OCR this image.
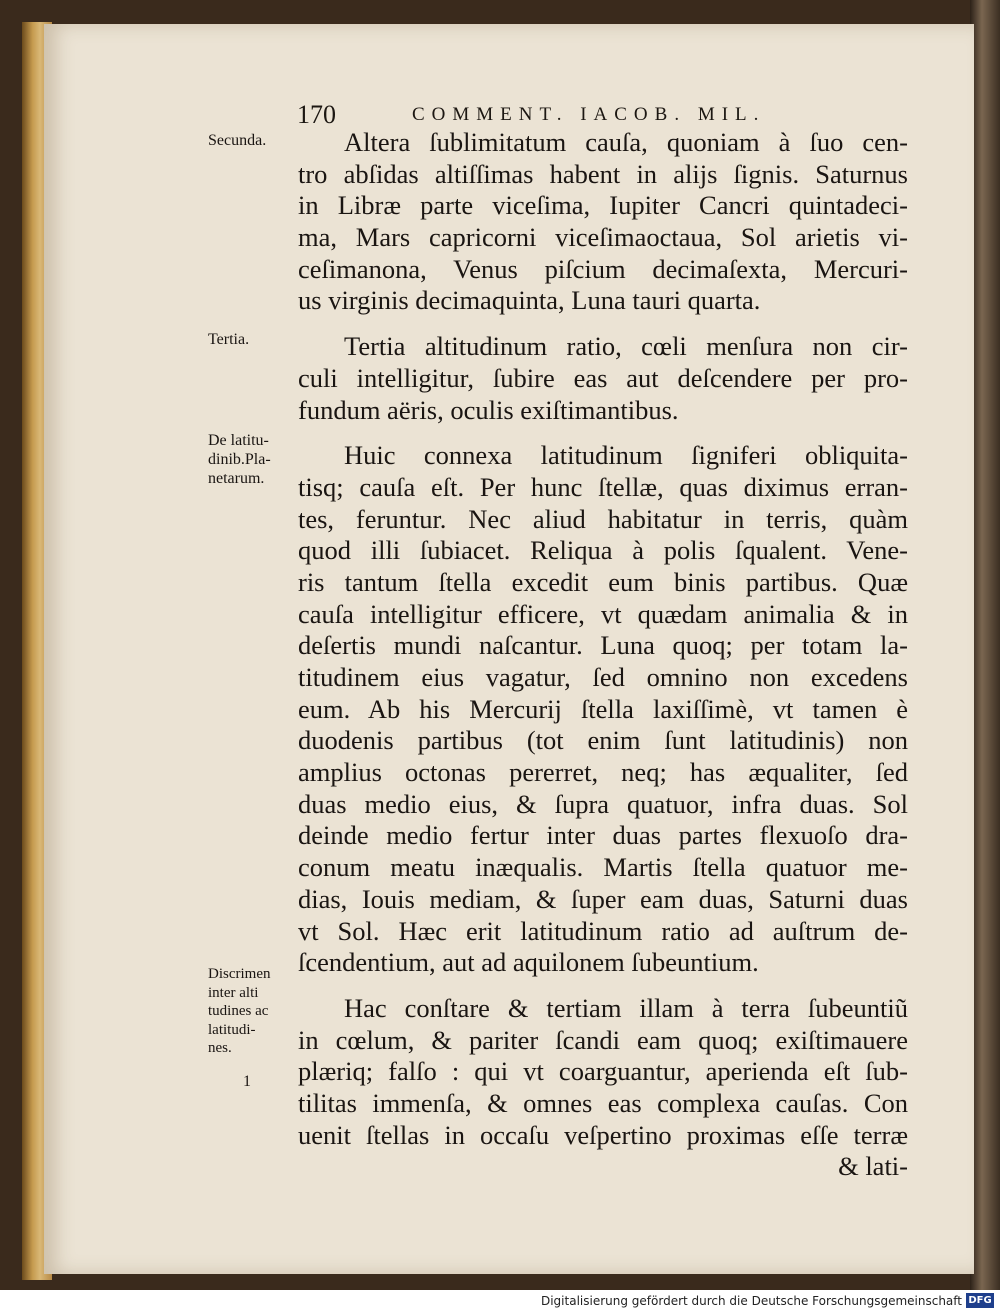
170	COMMENT. IACOB. MIL.
Secunda.
Tertia.
De latitu-
dinib.Pla-
netarum.
Discrimen
inter alti
tudines ac
latitudi-
nes.
1
Altera ſublimitatum cauſa, quoniam à ſuo cen-
tro abſidas altiſſimas habent in alijs ſignis. Saturnus
in Libræ parte viceſima, Iupiter Cancri quintadeci-
ma, Mars capricorni viceſimaoctaua, Sol arietis vi-
ceſimanona, Venus piſcium decimaſexta, Mercuri-
us virginis decimaquinta, Luna tauri quarta.
Tertia altitudinum ratio, cœli menſura non cir-
culi intelligitur, ſubire eas aut deſcendere per pro-
fundum aëris, oculis exiſtimantibus.
Huic connexa latitudinum ſigniferi obliquita-
tisq; cauſa eſt. Per hunc ſtellæ, quas diximus erran-
tes, feruntur. Nec aliud habitatur in terris, quàm
quod illi ſubiacet. Reliqua à polis ſqualent. Vene-
ris tantum ſtella excedit eum binis partibus. Quæ
cauſa intelligitur efficere, vt quædam animalia & in
deſertis mundi naſcantur. Luna quoq; per totam la-
titudinem eius vagatur, ſed omnino non excedens
eum. Ab his Mercurij ſtella laxiſſimè, vt tamen è
duodenis partibus (tot enim ſunt latitudinis) non
amplius octonas pererret, neq; has æqualiter, ſed
duas medio eius, & ſupra quatuor, infra duas. Sol
deinde medio fertur inter duas partes flexuoſo dra-
conum meatu inæqualis. Martis ſtella quatuor me-
dias, Iouis mediam, & ſuper eam duas, Saturni duas
vt Sol. Hæc erit latitudinum ratio ad auſtrum de-
ſcendentium, aut ad aquilonem ſubeuntium.
Hac conſtare & tertiam illam à terra ſubeuntiũ
in cœlum, & pariter ſcandi eam quoq; exiſtimauere
plæriq; falſo : qui vt coarguantur, aperienda eſt ſub-
tilitas immenſa, & omnes eas complexa cauſas. Con
uenit ſtellas in occaſu veſpertino proximas eſſe terræ
& lati-
Digitalisierung gefördert durch die Deutsche Forschungsgemeinschaft DFG
